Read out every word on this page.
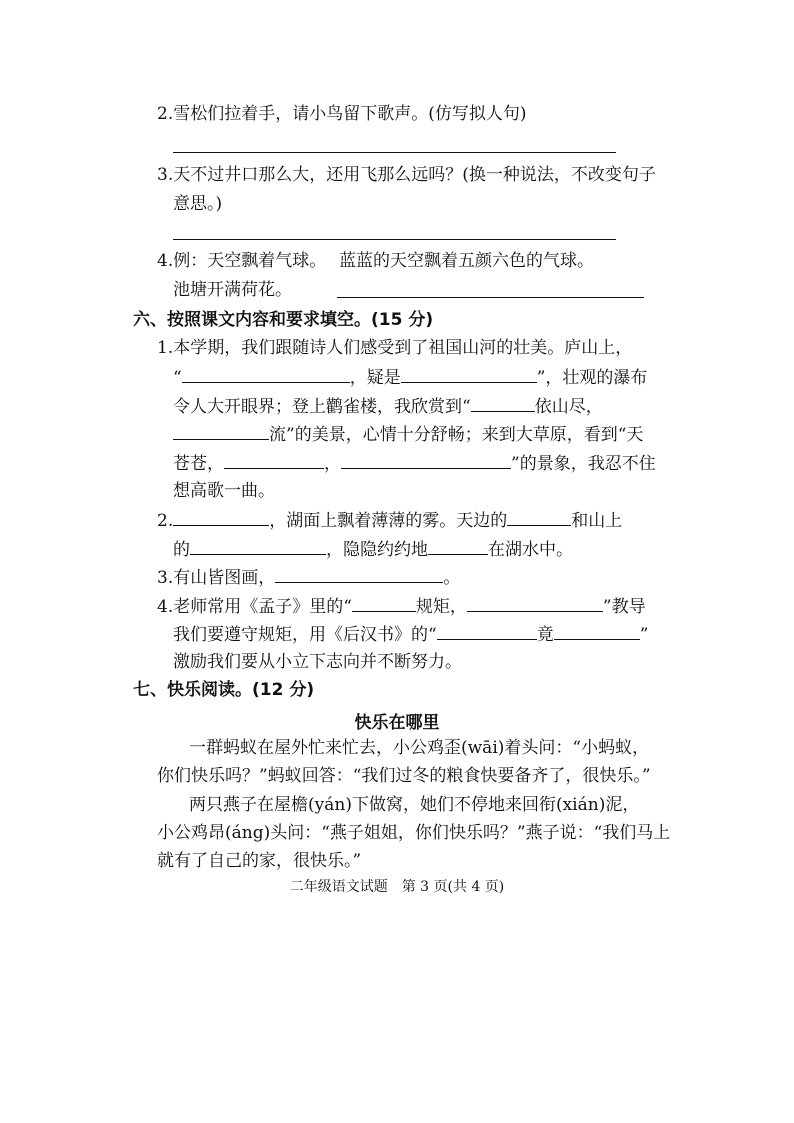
2.雪松们拉着手，请小鸟留下歌声。(仿写拟人句)
3.天不过井口那么大，还用飞那么远吗？(换一种说法，不改变句子
意思。)
4.例：天空飘着气球。 蓝蓝的天空飘着五颜六色的气球。
池塘开满荷花。
六、按照课文内容和要求填空。(15 分)
1.本学期，我们跟随诗人们感受到了祖国山河的壮美。庐山上，
“	，疑是	”，壮观的瀑布
令人大开眼界；登上鹳雀楼，我欣赏到“	依山尽，
流”的美景，心情十分舒畅；来到大草原，看到“天
苍苍，	，	”的景象，我忍不住
想高歌一曲。
2.	，湖面上飘着薄薄的雾。天边的	和山上
的	，隐隐约约地	在湖水中。
3.有山皆图画，	。
4.老师常用《孟子》里的“	规矩，	”教导
我们要遵守规矩，用《后汉书》的“	竟	”
激励我们要从小立下志向并不断努力。
七、快乐阅读。(12 分)
快乐在哪里
一群蚂蚁在屋外忙来忙去，小公鸡歪(wāi)着头问：“小蚂蚁，
你们快乐吗？”蚂蚁回答：“我们过冬的粮食快要备齐了，很快乐。”
两只燕子在屋檐(yán)下做窝，她们不停地来回衔(xián)泥，
小公鸡昂(áng)头问：“燕子姐姐，你们快乐吗？”燕子说：“我们马上
就有了自己的家，很快乐。”
二年级语文试题　第 3 页(共 4 页)
